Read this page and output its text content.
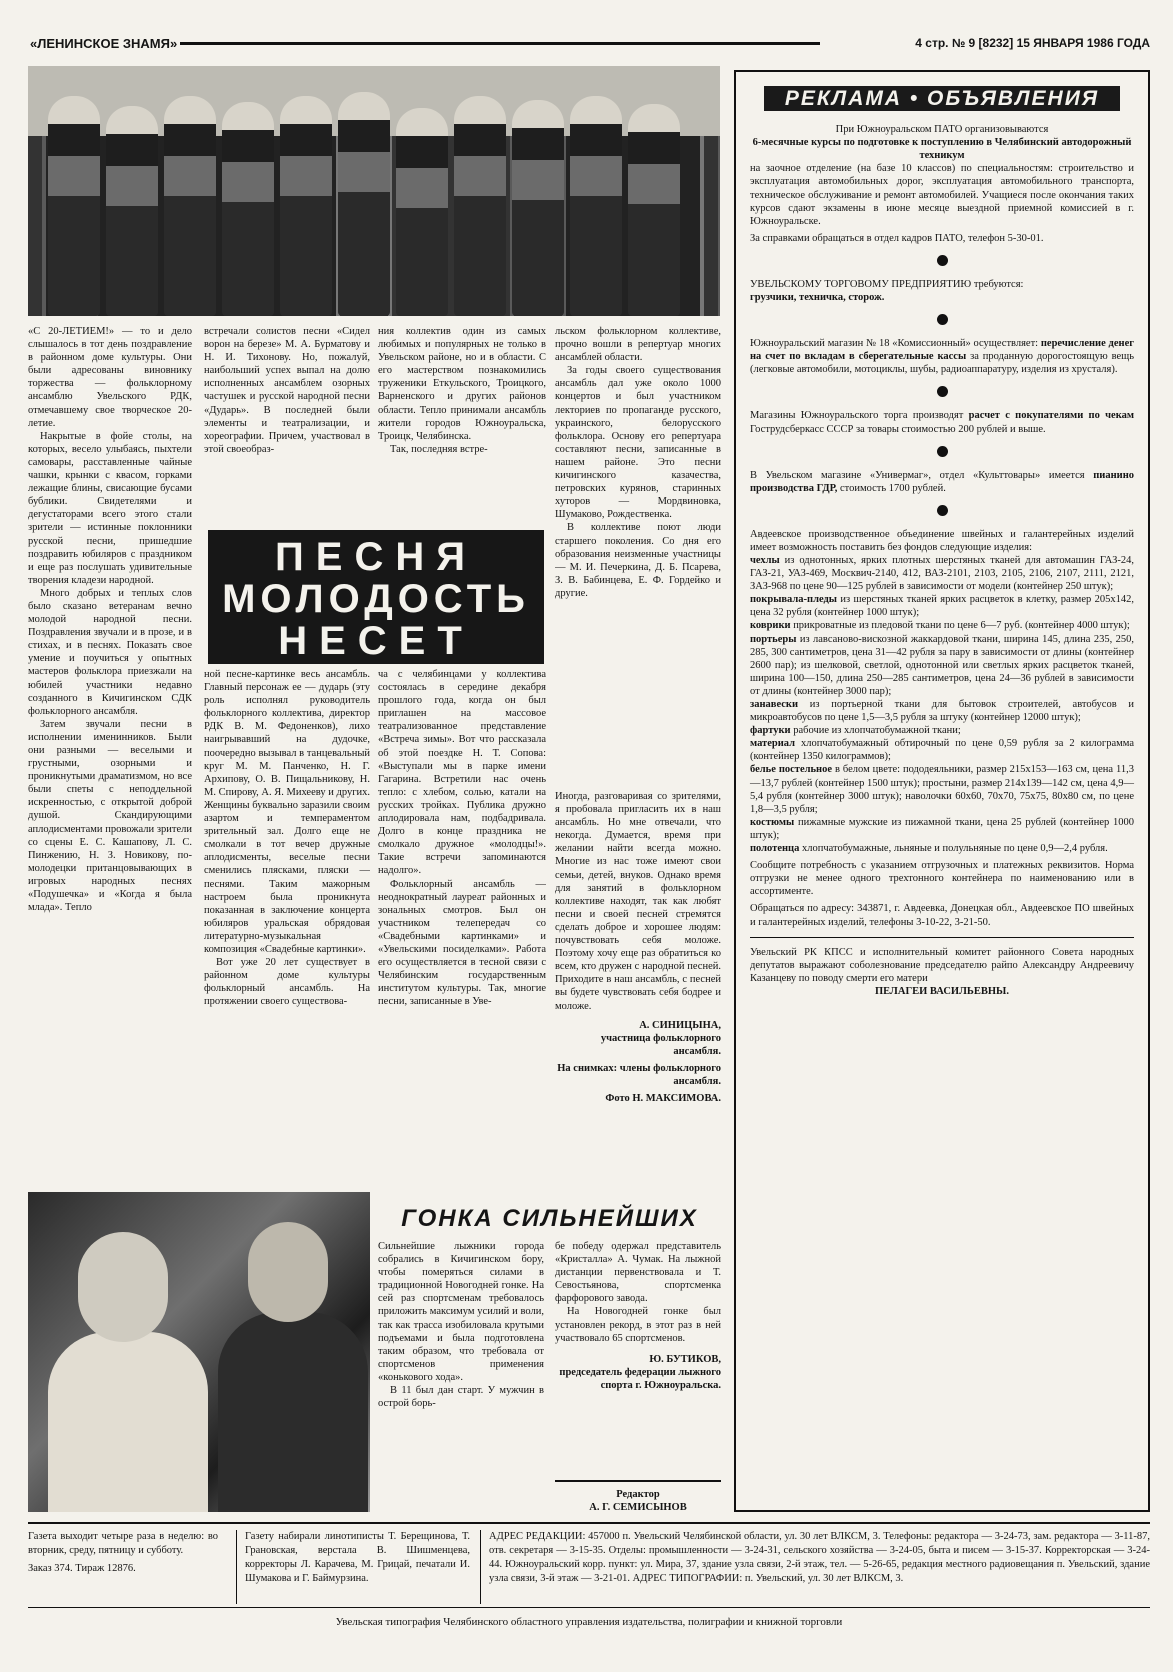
«ЛЕНИНСКОЕ ЗНАМЯ»	4 стр. № 9 [8232] 15 ЯНВАРЯ 1986 ГОДА

«С 20-ЛЕТИЕМ!» — то и дело слышалось в тот день поздравление в районном доме культуры. Они были адресованы виновнику торжества — фольклорному ансамблю Увельского РДК, отмечавшему свое творческое 20-летие.

Накрытые в фойе столы, на которых, весело улыбаясь, пыхтели самовары, расставленные чайные чашки, крынки с квасом, горками лежащие блины, свисающие бусами бублики. Свидетелями и дегустаторами всего этого стали зрители — истинные поклонники русской песни, пришедшие поздравить юбиляров с праздником и еще раз послушать удивительные творения кладези народной.

Много добрых и теплых слов было сказано ветеранам вечно молодой народной песни. Поздравления звучали и в прозе, и в стихах, и в песнях. Показать свое умение и поучиться у опытных мастеров фольклора приезжали на юбилей участники недавно созданного в Кичигинском СДК фольклорного ансамбля.

Затем звучали песни в исполнении именинников. Были они разными — веселыми и грустными, озорными и проникнутыми драматизмом, но все были спеты с неподдельной искренностью, с открытой доброй душой. Скандирующими аплодисментами провожали зрители со сцены Е. С. Кашапову, Л. С. Пинжению, Н. З. Новикову, по-молодецки пританцовывающих в игровых народных песнях «Подушечка» и «Когда я была млада». Тепло

встречали солистов песни «Сидел ворон на березе» М. А. Бурматову и Н. И. Тихонову. Но, пожалуй, наибольший успех выпал на долю исполненных ансамблем озорных частушек и русской народной песни «Дударь». В последней были элементы и театрализации, и хореографии. Причем, участвовал в этой своеобраз-

ния коллектив один из самых любимых и популярных не только в Увельском районе, но и в области. С его мастерством познакомились труженики Еткульского, Троицкого, Варненского и других районов области. Тепло принимали ансамбль жители городов Южноуральска, Троицк, Челябинска.

Так, последняя встре-

льском фольклорном коллективе, прочно вошли в репертуар многих ансамблей области.

За годы своего существования ансамбль дал уже около 1000 концертов и был участником лекториев по пропаганде русского, украинского, белорусского фольклора. Основу его репертуара составляют песни, записанные в нашем районе. Это песни кичигинского казачества, петровских курянов, старинных хуторов — Мордвиновка, Шумаково, Рождественка.

В коллективе поют люди старшего поколения. Со дня его образования неизменные участницы — М. И. Печеркина, Д. Б. Псарева, З. В. Бабинцева, Е. Ф. Гордейко и другие.

ПЕСНЯ
МОЛОДОСТЬ
НЕСЕТ

ной песне-картинке весь ансамбль. Главный персонаж ее — дударь (эту роль исполнял руководитель фольклорного коллектива, директор РДК В. М. Федоненков), лихо наигрывавший на дудочке, поочередно вызывал в танцевальный круг М. М. Панченко, Н. Г. Архипову, О. В. Пищальникову, Н. М. Спирову, А. Я. Михееву и других. Женщины буквально заразили своим азартом и темпераментом зрительный зал. Долго еще не смолкали в тот вечер дружные аплодисменты, веселые песни сменились плясками, пляски — песнями. Таким мажорным настроем была проникнута показанная в заключение концерта юбиляров уральская обрядовая литературно-музыкальная композиция «Свадебные картинки».

Вот уже 20 лет существует в районном доме культуры фольклорный ансамбль. На протяжении своего существова-

ча с челябинцами у коллектива состоялась в середине декабря прошлого года, когда он был приглашен на массовое театрализованное представление «Встреча зимы». Вот что рассказала об этой поездке Н. Т. Сопова: «Выступали мы в парке имени Гагарина. Встретили нас очень тепло: с хлебом, солью, катали на русских тройках. Публика дружно аплодировала нам, подбадривала. Долго в конце праздника не смолкало дружное «молодцы!». Такие встречи запоминаются надолго».

Фольклорный ансамбль — неоднократный лауреат районных и зональных смотров. Был он участником телепередач со «Свадебными картинками» и «Увельскими посиделками». Работа его осуществляется в тесной связи с Челябинским государственным институтом культуры. Так, многие песни, записанные в Уве-

Иногда, разговаривая со зрителями, я пробовала пригласить их в наш ансамбль. Но мне отвечали, что некогда. Думается, время при желании найти всегда можно. Многие из нас тоже имеют свои семьи, детей, внуков. Однако время для занятий в фольклорном коллективе находят, так как любят песни и своей песней стремятся сделать доброе и хорошее людям: почувствовать себя моложе. Поэтому хочу еще раз обратиться ко всем, кто дружен с народной песней. Приходите в наш ансамбль, с песней вы будете чувствовать себя бодрее и моложе.

А. СИНИЦЫНА,

участница фольклорного ансамбля.

На снимках: члены фольклорного ансамбля.

Фото Н. МАКСИМОВА.

ГОНКА СИЛЬНЕЙШИХ

Сильнейшие лыжники города собрались в Кичигинском бору, чтобы померяться силами в традиционной Новогодней гонке. На сей раз спортсменам требовалось приложить максимум усилий и воли, так как трасса изобиловала крутыми подъемами и была подготовлена таким образом, что требовала от спортсменов применения «конькового хода».

В 11 был дан старт. У мужчин в острой борь-

бе победу одержал представитель «Кристалла» А. Чумак. На лыжной дистанции первенствовала и Т. Севостьянова, спортсменка фарфорового завода.

На Новогодней гонке был установлен рекорд, в этот раз в ней участвовало 65 спортсменов.

Ю. БУТИКОВ,

председатель федерации лыжного спорта г. Южноуральска.

Редактор
А. Г. СЕМИСЫНОВ
РЕКЛАМА • ОБЪЯВЛЕНИЯ
При Южноуральском ПАТО организовываются
6-месячные курсы по подготовке к поступлению в Челябинский автодорожный техникум
на заочное отделение (на базе 10 классов) по специальностям: строительство и эксплуатация автомобильных дорог, эксплуатация автомобильного транспорта, техническое обслуживание и ремонт автомобилей. Учащиеся после окончания таких курсов сдают экзамены в июне месяце выездной приемной комиссией в г. Южноуральске.
За справками обращаться в отдел кадров ПАТО, телефон 5-30-01.
УВЕЛЬСКОМУ ТОРГОВОМУ ПРЕДПРИЯТИЮ требуются:
грузчики, техничка, сторож.
Южноуральский магазин № 18 «Комиссионный» осуществляет: перечисление денег на счет по вкладам в сберегательные кассы за проданную дорогостоящую вещь (легковые автомобили, мотоциклы, шубы, радиоаппаратуру, изделия из хрусталя).
Магазины Южноуральского торга производят расчет с покупателями по чекам Гострудсберкасс СССР за товары стоимостью 200 рублей и выше.
В Увельском магазине «Универмаг», отдел «Культтовары» имеется пианино производства ГДР, стоимость 1700 рублей.
Авдеевское производственное объединение швейных и галантерейных изделий имеет возможность поставить без фондов следующие изделия:
чехлы из однотонных, ярких плотных шерстяных тканей для автомашин ГАЗ-24, ГАЗ-21, УАЗ-469, Москвич-2140, 412, ВАЗ-2101, 2103, 2105, 2106, 2107, 2111, 2121, ЗАЗ-968 по цене 90—125 рублей в зависимости от модели (контейнер 250 штук);
покрывала-пледы из шерстяных тканей ярких расцветок в клетку, размер 205х142, цена 32 рубля (контейнер 1000 штук);
коврики прикроватные из пледовой ткани по цене 6—7 руб. (контейнер 4000 штук);
портьеры из лавсаново-вискозной жаккардовой ткани, ширина 145, длина 235, 250, 285, 300 сантиметров, цена 31—42 рубля за пару в зависимости от длины (контейнер 2600 пар); из шелковой, светлой, однотонной или светлых ярких расцветок тканей, ширина 100—150, длина 250—285 сантиметров, цена 24—36 рублей в зависимости от длины (контейнер 3000 пар);
занавески из портьерной ткани для бытовок строителей, автобусов и микроавтобусов по цене 1,5—3,5 рубля за штуку (контейнер 12000 штук);
фартуки рабочие из хлопчатобумажной ткани;
материал хлопчатобумажный обтирочный по цене 0,59 рубля за 2 килограмма (контейнер 1350 килограммов);
белье постельное в белом цвете: пододеяльники, размер 215х153—163 см, цена 11,3—13,7 рублей (контейнер 1500 штук); простыни, размер 214х139—142 см, цена 4,9—5,4 рубля (контейнер 3000 штук); наволочки 60х60, 70х70, 75х75, 80х80 см, по цене 1,8—3,5 рубля;
костюмы пижамные мужские из пижамной ткани, цена 25 рублей (контейнер 1000 штук);
полотенца хлопчатобумажные, льняные и полульняные по цене 0,9—2,4 рубля.
Сообщите потребность с указанием отгрузочных и платежных реквизитов. Норма отгрузки не менее одного трехтонного контейнера по наименованию или в ассортименте.
Обращаться по адресу: 343871, г. Авдеевка, Донецкая обл., Авдеевское ПО швейных и галантерейных изделий, телефоны 3-10-22, 3-21-50.
Увельский РК КПСС и исполнительный комитет районного Совета народных депутатов выражают соболезнование председателю райпо Александру Андреевичу Казанцеву по поводу смерти его матери
ПЕЛАГЕИ ВАСИЛЬЕВНЫ.
Газета выходит четыре раза в неделю: во вторник, среду, пятницу и субботу.
Заказ 374. Тираж 12876.
Газету набирали линотиписты Т. Берещинова, Т. Грановская, верстала В. Шишменцева, корректоры Л. Карачева, М. Грицай, печатали И. Шумакова и Г. Баймурзина.
АДРЕС РЕДАКЦИИ: 457000 п. Увельский Челябинской области, ул. 30 лет ВЛКСМ, 3. Телефоны: редактора — 3-24-73, зам. редактора — 3-11-87, отв. секретаря — 3-15-35. Отделы: промышленности — 3-24-31, сельского хозяйства — 3-24-05, быта и писем — 3-15-37. Корректорская — 3-24-44. Южноуральский корр. пункт: ул. Мира, 37, здание узла связи, 2-й этаж, тел. — 5-26-65, редакция местного радиовещания п. Увельский, здание узла связи, 3-й этаж — 3-21-01. АДРЕС ТИПОГРАФИИ: п. Увельский, ул. 30 лет ВЛКСМ, 3.
Увельская типография Челябинского областного управления издательства, полиграфии и книжной торговли
